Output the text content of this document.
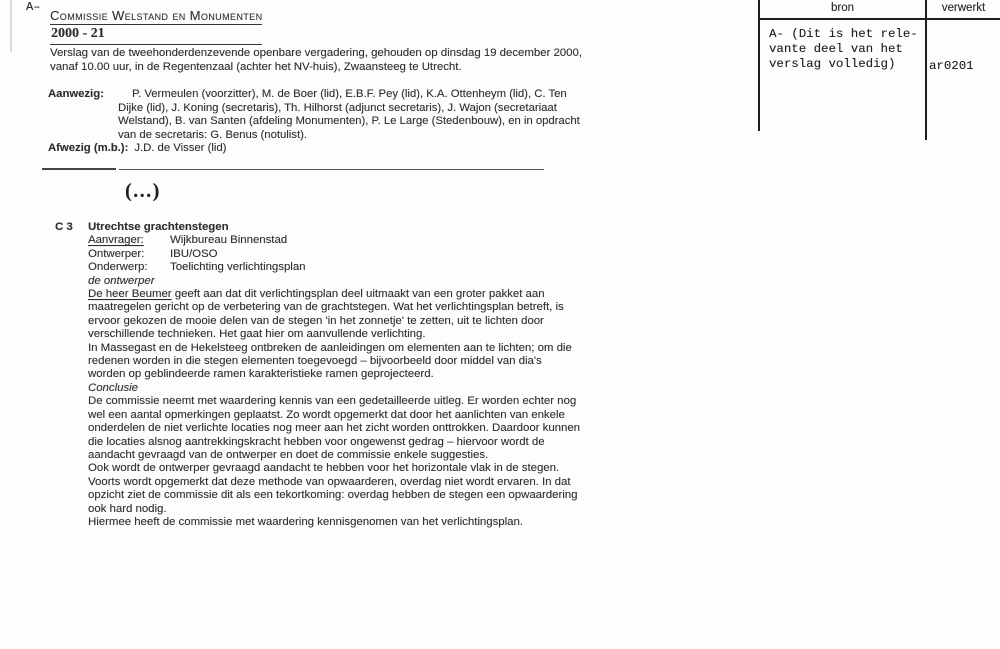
A–
Commissie Welstand en Monumenten
2000 - 21
Verslag van de tweehonderdenzevende openbare vergadering, gehouden op dinsdag 19 december 2000, vanaf 10.00 uur, in de Regentenzaal (achter het NV-huis), Zwaansteeg te Utrecht.
Aanwezig:	P. Vermeulen (voorzitter), M. de Boer (lid), E.B.F. Pey (lid), K.A. Ottenheym (lid), C. Ten Dijke (lid), J. Koning (secretaris), Th. Hilhorst (adjunct secretaris), J. Wajon (secretariaat Welstand), B. van Santen (afdeling Monumenten), P. Le Large (Stedenbouw), en in opdracht van de secretaris: G. Benus (notulist).
Afwezig (m.b.): J.D. de Visser (lid)
(...)
C 3	Utrechtse grachtenstegen
Aanvrager:	Wijkbureau Binnenstad
Ontwerper:	IBU/OSO
Onderwerp:	Toelichting verlichtingsplan
de ontwerper

De heer Beumer geeft aan dat dit verlichtingsplan deel uitmaakt van een groter pakket aan maatregelen gericht op de verbetering van de grachtstegen. Wat het verlichtingsplan betreft, is ervoor gekozen de mooie delen van de stegen 'in het zonnetje' te zetten, uit te lichten door verschillende technieken. Het gaat hier om aanvullende verlichting.

In Massegast en de Hekelsteeg ontbreken de aanleidingen om elementen aan te lichten; om die redenen worden in die stegen elementen toegevoegd – bijvoorbeeld door middel van dia's worden op geblindeerde ramen karakteristieke ramen geprojecteerd.

Conclusie

De commissie neemt met waardering kennis van een gedetailleerde uitleg. Er worden echter nog wel een aantal opmerkingen geplaatst. Zo wordt opgemerkt dat door het aanlichten van enkele onderdelen de niet verlichte locaties nog meer aan het zicht worden onttrokken. Daardoor kunnen die locaties alsnog aantrekkingskracht hebben voor ongewenst gedrag – hiervoor wordt de aandacht gevraagd van de ontwerper en doet de commissie enkele suggesties.

Ook wordt de ontwerper gevraagd aandacht te hebben voor het horizontale vlak in de stegen.

Voorts wordt opgemerkt dat deze methode van opwaarderen, overdag niet wordt ervaren. In dat opzicht ziet de commissie dit als een tekortkoming: overdag hebben de stegen een opwaardering ook hard nodig.

Hiermee heeft de commissie met waardering kennisgenomen van het verlichtingsplan.

bron	verwerkt
A- (Dit is het rele-
vante deel van het
verslag volledig)	ar0201
